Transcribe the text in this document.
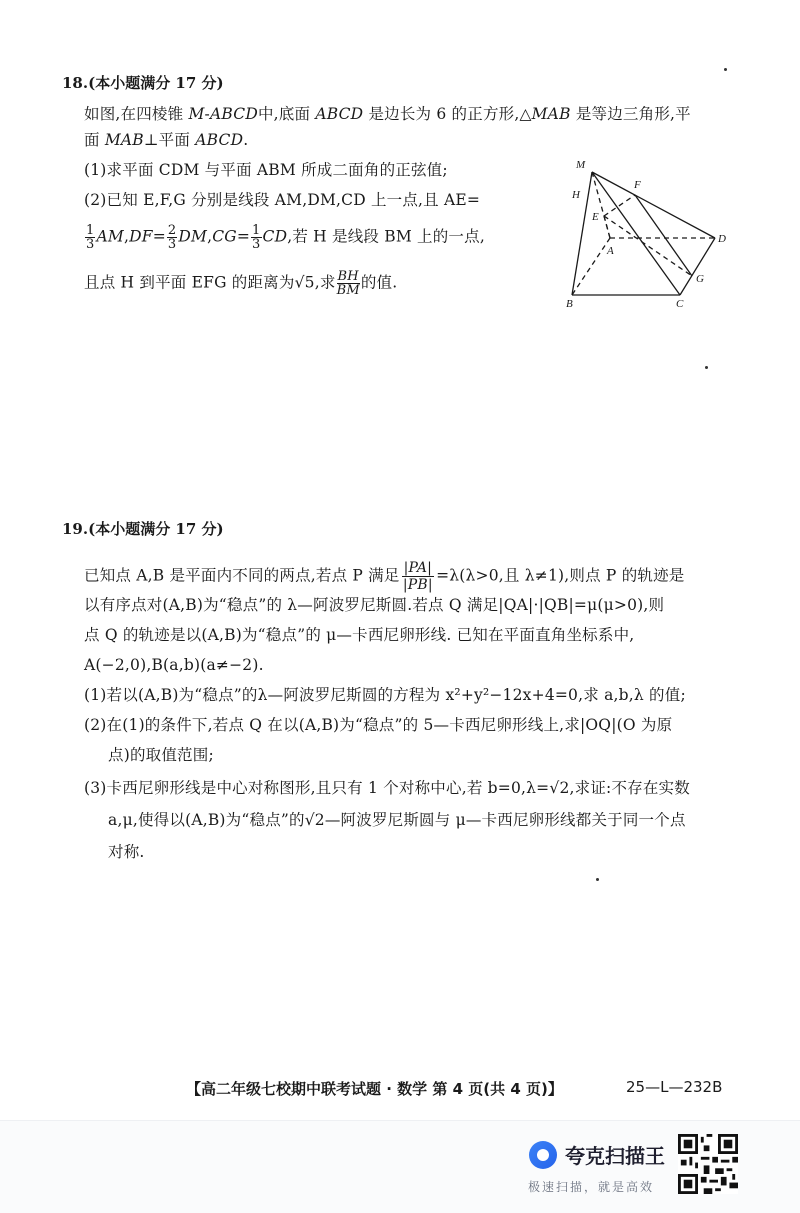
18.(本小题满分 17 分)
如图,在四棱锥 M-ABCD中,底面 ABCD 是边长为 6 的正方形,△MAB 是等边三角形,平
面 MAB⊥平面 ABCD.
(1)求平面 CDM 与平面 ABM 所成二面角的正弦值;
(2)已知 E,F,G 分别是线段 AM,DM,CD 上一点,且 AE=
$\frac{1}{3} AM,DF= \frac{2}{3} DM,CG= \frac{1}{3}$ CD,若 H 是线段 BM 上的一点,
且点 H 到平面 EFG 的距离为√5,求 $\frac{BH}{BM}$ 的值.
M
H
F
E
A
D
G
B	C
19.(本小题满分 17 分)
已知点 A,B 是平面内不同的两点,若点 P 满足 $\frac{|PA|}{|PB|} =\lambda(\lambda>0$,且 λ≠1),则点 P 的轨迹是
以有序点对(A,B)为“稳点”的 λ—阿波罗尼斯圆.若点 Q 满足|QA|·|QB|=μ(μ>0),则
点 Q 的轨迹是以(A,B)为“稳点”的 μ—卡西尼卵形线. 已知在平面直角坐标系中,
A(−2,0),B(a,b)(a≠−2).
(1)若以(A,B)为“稳点”的λ—阿波罗尼斯圆的方程为 x²+y²−12x+4=0,求 a,b,λ 的值;
(2)在(1)的条件下,若点 Q 在以(A,B)为“稳点”的 5—卡西尼卵形线上,求|OQ|(O 为原
点)的取值范围;
(3)卡西尼卵形线是中心对称图形,且只有 1 个对称中心,若 b=0,λ=√2,求证:不存在实数
a,μ,使得以(A,B)为“稳点”的√2—阿波罗尼斯圆与 μ—卡西尼卵形线都关于同一个点
对称.
【高二年级七校期中联考试题 · 数学 第 4 页(共 4 页)】	25—L—232B
夸克扫描王
极速扫描，就是高效
